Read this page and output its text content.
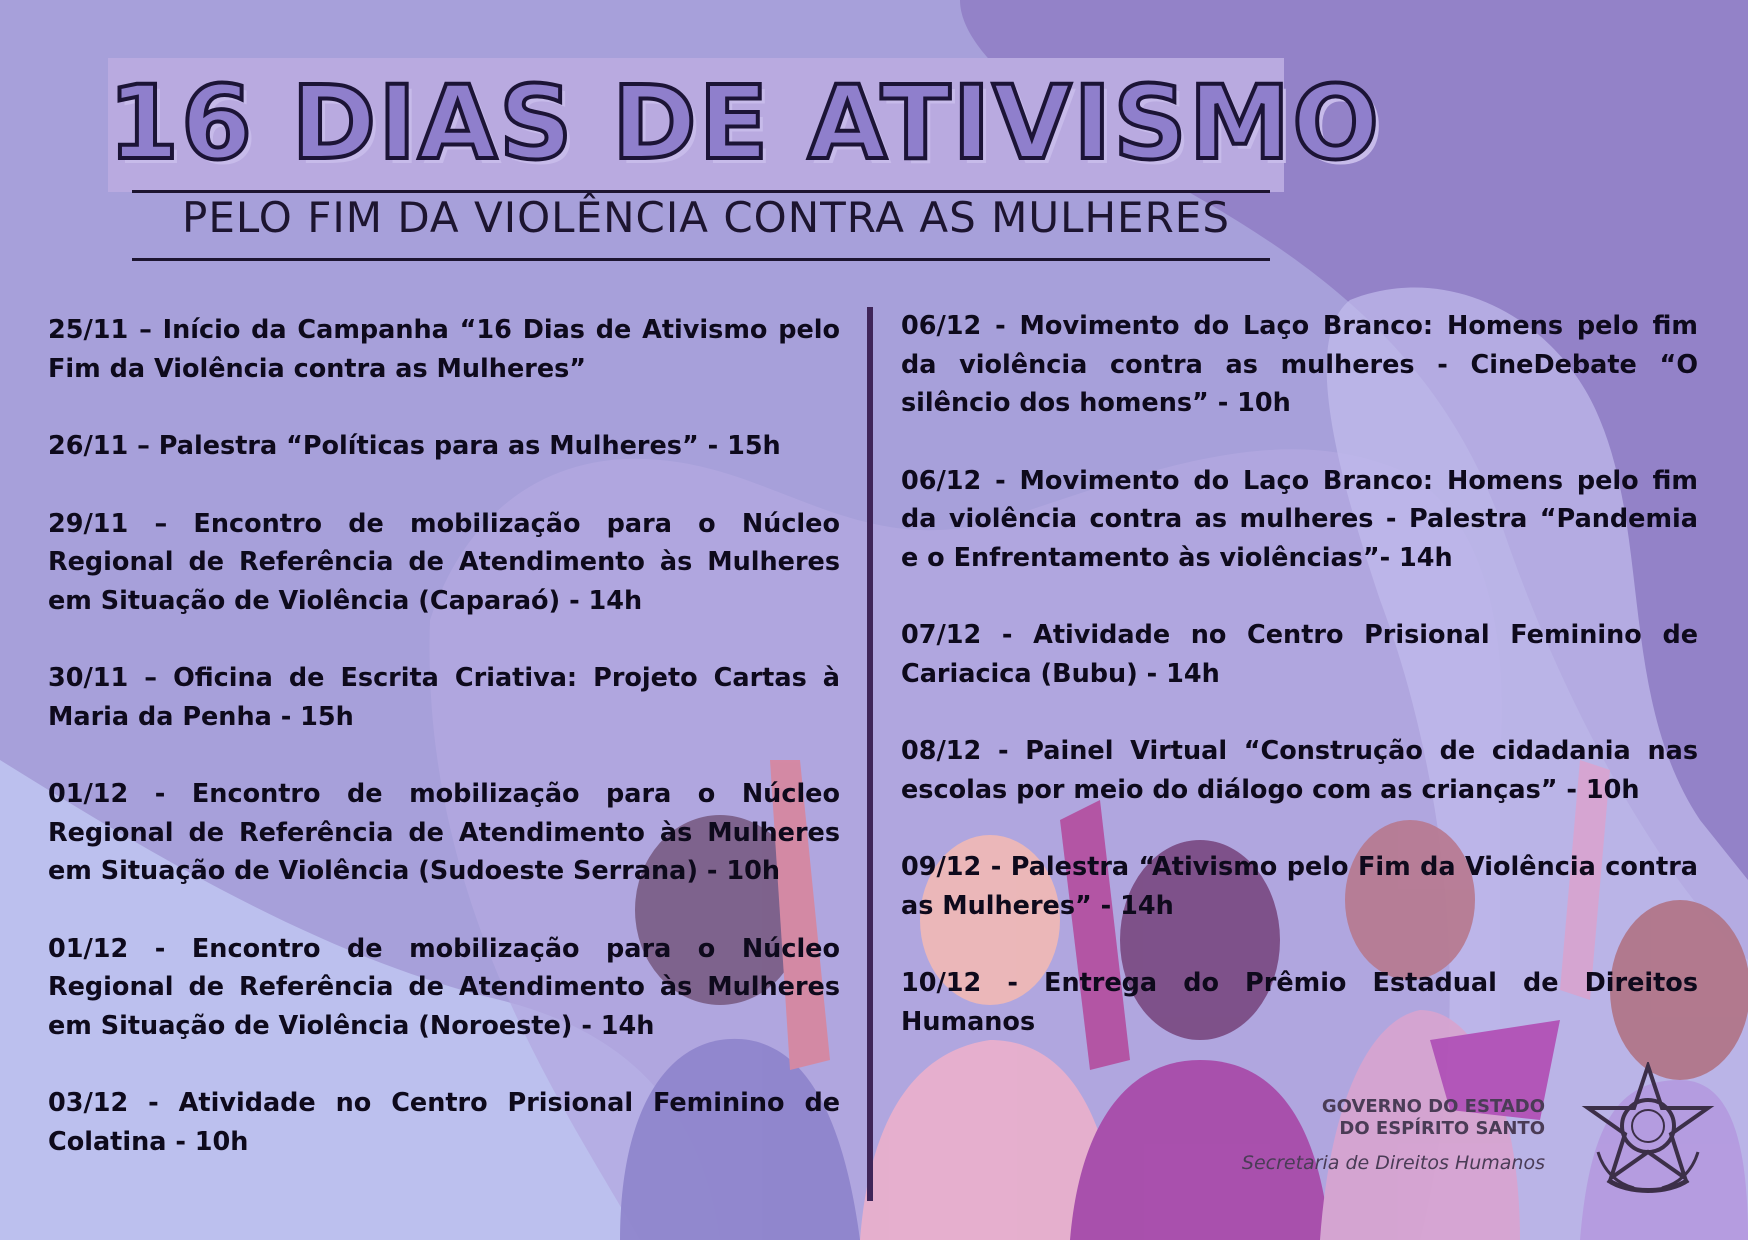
16 DIAS DE ATIVISMO
PELO FIM DA VIOLÊNCIA CONTRA AS MULHERES
25/11 – Início da Campanha “16 Dias de Ativismo pelo Fim da Violência contra as Mulheres”
26/11 – Palestra “Políticas para as Mulheres” - 15h
29/11 – Encontro de mobilização para o Núcleo Regional de Referência de Atendimento às Mulheres em Situação de Violência (Caparaó) - 14h
30/11 – Oficina de Escrita Criativa: Projeto Cartas à Maria da Penha - 15h
01/12 - Encontro de mobilização para o Núcleo Regional de Referência de Atendimento às Mulheres em Situação de Violência (Sudoeste Serrana) - 10h
01/12 - Encontro de mobilização para o Núcleo Regional de Referência de Atendimento às Mulheres em Situação de Violência (Noroeste) - 14h
03/12 - Atividade no Centro Prisional Feminino de Colatina - 10h
06/12 - Movimento do Laço Branco: Homens pelo fim da violência contra as mulheres - CineDebate “O silêncio dos homens” - 10h
06/12 - Movimento do Laço Branco: Homens pelo fim da violência contra as mulheres - Palestra “Pandemia e o Enfrentamento às violências”- 14h
07/12 - Atividade no Centro Prisional Feminino de Cariacica (Bubu) - 14h
08/12 - Painel Virtual “Construção de cidadania nas escolas por meio do diálogo com as crianças” - 10h
09/12 - Palestra “Ativismo pelo Fim da Violência contra as Mulheres” - 14h
10/12 - Entrega do Prêmio Estadual de Direitos Humanos
GOVERNO DO ESTADO
DO ESPÍRITO SANTO
Secretaria de Direitos Humanos
